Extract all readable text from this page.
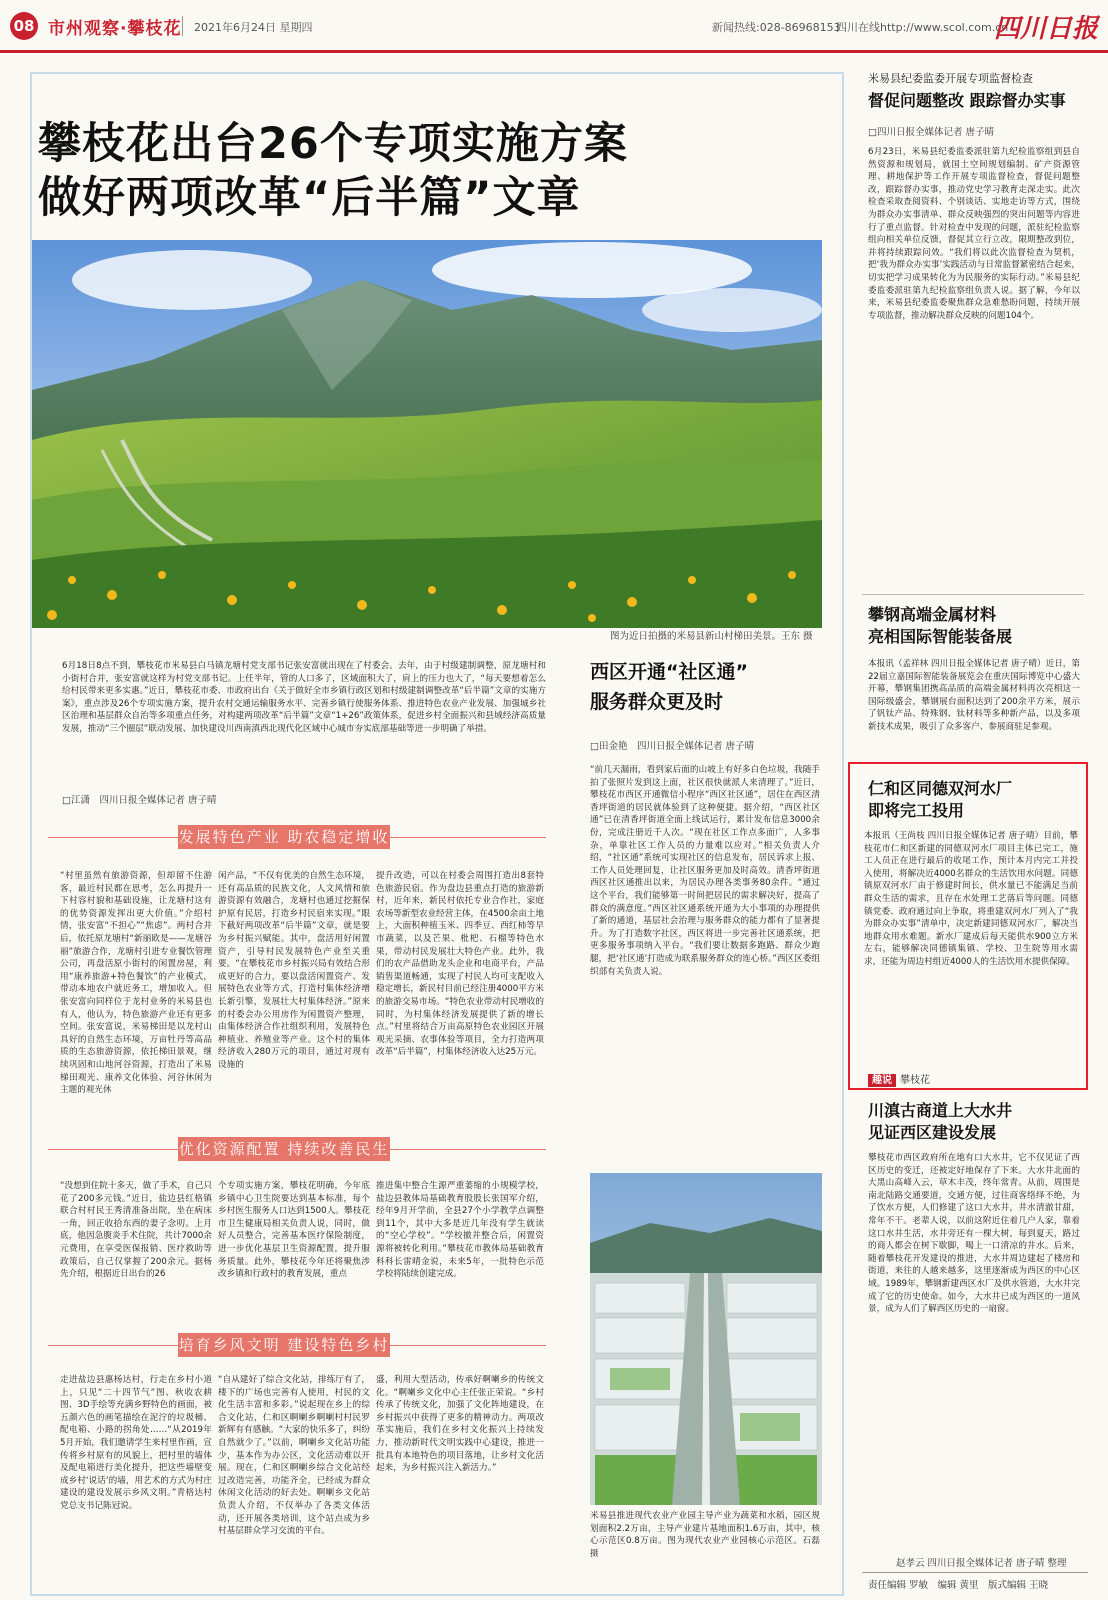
08 市州观察·攀枝花 2021年6月24日 星期四	新闻热线:028-86968153
四川在线http://www.scol.com.cn
四川日报
攀枝花出台26个专项实施方案
做好两项改革“后半篇”文章
图为近日拍摄的米易县新山村梯田美景。王东 摄
6月18日8点不到，攀枝花市米易县白马镇龙塘村党支部书记张安富就出现在了村委会。去年，由于村级建制调整，原龙塘村和小街村合并，张安富就这样为村党支部书记。上任半年，管的人口多了，区域面积大了，肩上的压力也大了，“每天要想着怎么给村民带来更多实惠。”近日，攀枝花市委、市政府出台《关于做好全市乡镇行政区划和村级建制调整改革“后半篇”文章的实施方案》，重点涉及26个专项实施方案，提升农村交通运输服务水平、完善乡镇行使服务体系、推进特色农业产业发展、加强城乡社区治理和基层群众自治等多项重点任务，对构建两项改革“后半篇”文章“1+26”政策体系，促进乡村全面振兴和县域经济高质量发展，推动“三个圈层”联动发展、加快建设川西南滇西北现代化区域中心城市夯实底部基础等进一步明确了举措。
□江潇　四川日报全媒体记者 唐子晴
发展特色产业 助农稳定增收
“村里虽然有旅游资源，但却留不住游客，最近村民都在思考，怎么再提升一下村容村貌和基础设施，让龙塘村这有的优势资源发挥出更大价值。”介绍村情，张安富“不担心”“焦虑”。两村合并后，依托原龙塘村“新丽欧是——龙塘谷丽”旅游合作，龙塘村引进专业餐饮管理公司，再盘活原小街村的闲置房屋，利用“康养旅游+特色餐饮”的产业模式，带动本地农户就近务工，增加收入。但张安富向同样位于龙村业务的米易县也有人，他认为，特色旅游产业还有更多空间。张安富说，米易梯田是以龙村山具好的自然生态环境，万亩牡丹等高品质的生态旅游资源，依托梯田景观，继续巩固和山地河谷资源，打造出了米易梯田观光、康养文化体验、河谷休闲为主题的观光休
闲产品，“不仅有优美的自然生态环境，还有高品质的民族文化，人文风情和旅游资源有效融合，龙塘村也通过挖掘保护原有民居，打造乡村民宿来实现。”眼下截好两项改革“后半篇”文章，就是要为乡村振兴赋能。其中，盘活用好闲置资产，引导村民发展特色产业至关重要。“在攀枝花市乡村振兴局有效结合形成更好的合力，要以盘活闲置资产、发展特色农业等方式，打造村集体经济增长新引擎，发展壮大村集体经济。”原来的村委会办公用房作为闲置资产整理，由集体经济合作社组织利用，发展特色种植业、养殖业等产业。这个村的集体经济收入280万元的项目，通过对现有设施的
提升改造，可以在村委会周围打造出8套特色旅游民宿。作为盘边县重点打造的旅游新村，近年来，新民村依托专业合作社，家庭农场等新型农业经营主体，在4500余亩土地上，大面积种植玉米、四季豆、西红柿等早市蔬菜，以及芒果、枇杷、石榴等特色水果，带动村民发展壮大特色产业。此外，我们的农产品借助龙头企业和电商平台，产品销售渠道畅通，实现了村民人均可支配收入稳定增长，新民村目前已经注册4000平方米的旅游交易市场。“特色农业带动村民增收的同时，为村集体经济发展提供了新的增长点。”村里将结合万亩高原特色农业园区开展观光采摘、农事体验等项目，全力打造两项改革“后半篇”，村集体经济收入达25万元。
优化资源配置 持续改善民生
“没想到住院十多天，做了手术，自己只花了200多元钱。”近日，盐边县红格镇联合村村民王秀清准备出院，坐在病床一角，回正收拾东西的妻子念叨。上月底，他因急腹炎手术住院，共计7000余元费用，在享受医保报销、医疗救助等政策后，自己仅掌握了200余元。据杨先介绍，根据近日出台的26
个专项实施方案，攀枝花明确，今年底乡镇中心卫生院要达到基本标准，每个乡村医生服务人口达到1500人。攀枝花市卫生健康局相关负责人说，同时，做好人员整合，完善基本医疗保险制度，进一步优化基层卫生资源配置，提升服务质量。此外，攀枝花今年还将聚焦涉改乡镇和行政村的教育发展，重点
推进集中整合生源严重萎缩的小规模学校，盐边县教体局基础教育股股长张国军介绍，经年9月开学前，全县27个小学教学点调整到11个，其中大多是近几年没有学生就读的“空心学校”。“学校撤并整合后，闲置资源将被转化利用。”攀枝花市教体局基础教育科科长雷晴金说，未来5年，一批特色示范学校将陆续创建完成。
培育乡风文明 建设特色乡村
走进盐边县惠杨达村，行走在乡村小道上，只见“二十四节气”图、秋收农耕图、3D手绘等充满乡野特色的画面，被五颜六色的画笔描绘在泥泞的垃圾桶、配电箱、小路的拐角处……“从2019年5月开始，我们邀请学生来村里作画，宣传将乡村原有的风貌上，把村里的墙体及配电箱进行美化提升，把这些墙壁变成乡村‘说话’的墙，用艺术的方式为村庄建设的建设发展示乡风文明。”青格达村党总支书记陈冠说。
“自从建好了综合文化站，排练厅有了，楼下的广场也完善有人使用，村民的文化生活丰富和多彩。”说起现在乡上的综合文化站，仁和区啊喇乡啊喇村村民罗新辉有有感触。“大家的快乐多了，纠纷自然就少了。”以前，啊喇乡文化站功能少，基本作为办公区，文化活动难以开展。现在，仁和区啊喇乡综合文化站经过改造完善，功能齐全，已经成为群众休闲文化活动的好去处。啊喇乡文化站负责人介绍，不仅举办了各类文体活动，还开展各类培训，这个站点成为乡村基层群众学习交流的平台。
盛，利用大型活动，传承好啊喇乡的传统文化。“啊喇乡文化中心主任张正荣说。“乡村传承了传统文化，加强了文化阵地建设，在乡村振兴中获得了更多的精神动力。两项改革实施后，我们在乡村文化振兴上持续发力，推动新时代文明实践中心建设，推进一批具有本地特色的项目落地，让乡村文化活起来，为乡村振兴注入新活力。”
西区开通“社区通”
服务群众更及时
□田金艳　四川日报全媒体记者 唐子晴
“前几天漏雨，看到家后面的山坡上有好多白色垃圾，我随手拍了张照片发到这上面，社区很快就派人来清理了。”近日，攀枝花市西区开通微信小程序“西区社区通”，居住在西区清香坪街道的居民就体验到了这种便捷。据介绍，“西区社区通”已在清香坪街道全面上线试运行，累计发布信息3000余份，完成注册近千人次。“现在社区工作点多面广，人多事杂，单靠社区工作人员的力量难以应对。”相关负责人介绍，“社区通”系统可实现社区的信息发布，居民诉求上报、工作人员处理回复，让社区服务更加及时高效。清香坪街道西区社区通推出以来，为居民办理各类事务80余件。“通过这个平台，我们能够第一时间把居民的需求解决好，提高了群众的满意度。”西区社区通系统开通为大小事项的办理提供了新的通道，基层社会治理与服务群众的能力都有了显著提升。为了打造数字社区，西区将进一步完善社区通系统，把更多服务事项纳入平台。“我们要让数据多跑路、群众少跑腿，把‘社区通’打造成为联系服务群众的连心桥。”西区区委组织部有关负责人说。
米易县推进现代农业产业园主导产业为蔬菜和水稻，园区规划面积2.2万亩，主导产业建片基地面积1.6万亩，其中，核心示范区0.8万亩。图为现代农业产业园核心示范区。石磊 摄
米易县纪委监委开展专项监督检查
督促问题整改 跟踪督办实事
□四川日报全媒体记者 唐子晴
6月23日，米易县纪委监委派驻第九纪检监察组到县自然资源和规划局，就国土空间规划编制、矿产资源管理、耕地保护等工作开展专项监督检查，督促问题整改，跟踪督办实事，推动党史学习教育走深走实。此次检查采取查阅资料、个别谈话、实地走访等方式，围绕为群众办实事清单、群众反映强烈的突出问题等内容进行了重点监督。针对检查中发现的问题，派驻纪检监察组向相关单位反馈，督促其立行立改，限期整改到位，并将持续跟踪问效。“我们将以此次监督检查为契机，把‘我为群众办实事’实践活动与日常监督紧密结合起来，切实把学习成果转化为为民服务的实际行动。”米易县纪委监委派驻第九纪检监察组负责人说。据了解，今年以来，米易县纪委监委聚焦群众急难愁盼问题，持续开展专项监督，推动解决群众反映的问题104个。
攀钢高端金属材料
亮相国际智能装备展
本报讯（孟祥林 四川日报全媒体记者 唐子晴）近日，第22届立嘉国际智能装备展览会在重庆国际博览中心盛大开幕，攀钢集团携高品质的高端金属材料再次亮相这一国际级盛会，攀钢展台面积达到了200余平方米，展示了钒钛产品、特殊钢、钛材料等多种新产品，以及多项新技术成果，吸引了众多客户、参展商驻足参观。
仁和区同德双河水厂
即将完工投用
本报讯（王尚枝 四川日报全媒体记者 唐子晴）目前，攀枝花市仁和区新建的同德双河水厂项目主体已完工，施工人员正在进行最后的收尾工作，预计本月内完工并投入使用，将解决近4000名群众的生活饮用水问题。同德镇原双河水厂由于修建时间长，供水量已不能满足当前群众生活的需求，且存在水处理工艺落后等问题。同德镇党委、政府通过向上争取，将重建双河水厂列入了“我为群众办实事”清单中，决定新建同德双河水厂，解决当地群众用水难题。新水厂建成后每天能供水900立方米左右，能够解决同德镇集镇、学校、卫生院等用水需求，还能为周边村组近4000人的生活饮用水提供保障。
趣说 攀枝花
川滇古商道上大水井
见证西区建设发展
攀枝花市西区政府所在地有口大水井，它不仅见证了西区历史的变迁，还被定好地保存了下来。大水井北面的大黑山高峰入云，草木丰茂，终年常青。从前，周围是南北陆路交通要道，交通方便，过往商客络绎不绝，为了饮水方便，人们修建了这口大水井，井水清澈甘甜，常年不干。老辈人说，以前这附近住着几户人家，靠着这口水井生活，水井旁还有一棵大树，每到夏天，路过的商人都会在树下歇脚，喝上一口清凉的井水。后来，随着攀枝花开发建设的推进，大水井周边建起了楼房和街道，来往的人越来越多，这里逐渐成为西区的中心区域。1989年，攀钢新建西区水厂及供水管道，大水井完成了它的历史使命。如今，大水井已成为西区的一道风景，成为人们了解西区历史的一扇窗。
赵孝云 四川日报全媒体记者 唐子晴 整理
责任编辑 罗敏　编辑 黄里　版式编辑 王晓
